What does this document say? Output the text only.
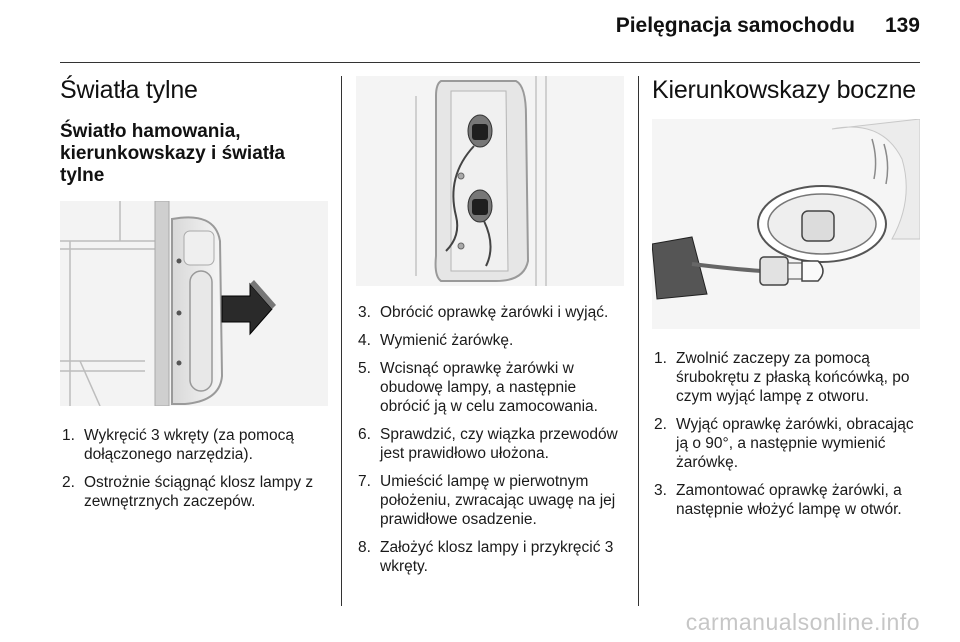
Pielęgnacja samochodu 139
Światła tylne
Światło hamowania, kierunkowskazy i światła tylne
1. Wykręcić 3 wkręty (za pomocą dołączonego narzędzia).
2. Ostrożnie ściągnąć klosz lampy z zewnętrznych zaczepów.
3. Obrócić oprawkę żarówki i wyjąć.
4. Wymienić żarówkę.
5. Wcisnąć oprawkę żarówki w obudowę lampy, a następnie obrócić ją w celu zamocowania.
6. Sprawdzić, czy wiązka przewodów jest prawidłowo ułożona.
7. Umieścić lampę w pierwotnym położeniu, zwracając uwagę na jej prawidłowe osadzenie.
8. Założyć klosz lampy i przykręcić 3 wkręty.
Kierunkowskazy boczne
1. Zwolnić zaczepy za pomocą śrubokrętu z płaską końcówką, po czym wyjąć lampę z otworu.
2. Wyjąć oprawkę żarówki, obracając ją o 90°, a następnie wymienić żarówkę.
3. Zamontować oprawkę żarówki, a następnie włożyć lampę w otwór.
carmanualsonline.info
